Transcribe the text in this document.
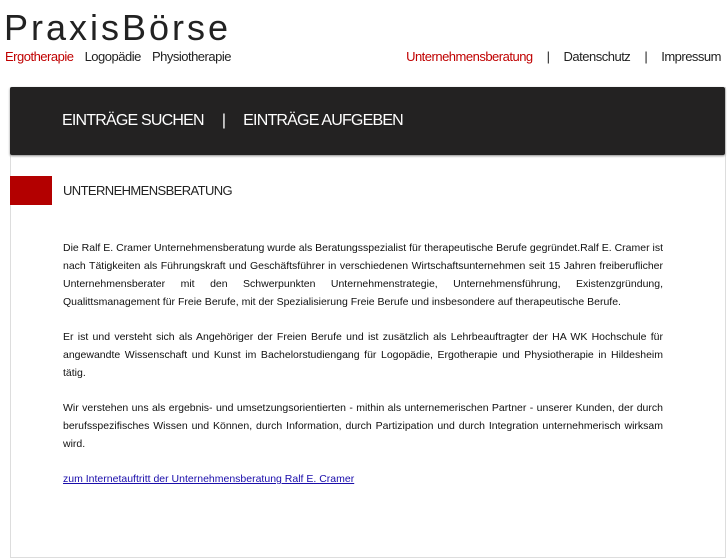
PraxisBörse
Ergotherapie Logopädie Physiotherapie	Unternehmensberatung | Datenschutz | Impressum
EINTRÄGE SUCHEN | EINTRÄGE AUFGEBEN
UNTERNEHMENSBERATUNG

Die Ralf E. Cramer Unternehmensberatung wurde als Beratungsspezialist für therapeutische Berufe gegründet.Ralf E. Cramer ist nach Tätigkeiten als Führungskraft und Geschäftsführer in verschiedenen Wirtschaftsunternehmen seit 15 Jahren freiberuflicher Unternehmensberater mit den Schwerpunkten Unternehmenstrategie, Unternehmensführung, Existenzgründung, Qualittsmanagement für Freie Berufe, mit der Spezialisierung Freie Berufe und insbesondere auf therapeutische Berufe.

Er ist und versteht sich als Angehöriger der Freien Berufe und ist zusätzlich als Lehrbeauftragter der HA WK Hochschule für angewandte Wissenschaft und Kunst im Bachelorstudiengang für Logopädie, Ergotherapie und Physiotherapie in Hildesheim tätig.

Wir verstehen uns als ergebnis- und umsetzungsorientierten - mithin als unternemerischen Partner - unserer Kunden, der durch berufsspezifisches Wissen und Können, durch Information, durch Partizipation und durch Integration unternehmerisch wirksam wird.

zum Internetauftritt der Unternehmensberatung Ralf E. Cramer
